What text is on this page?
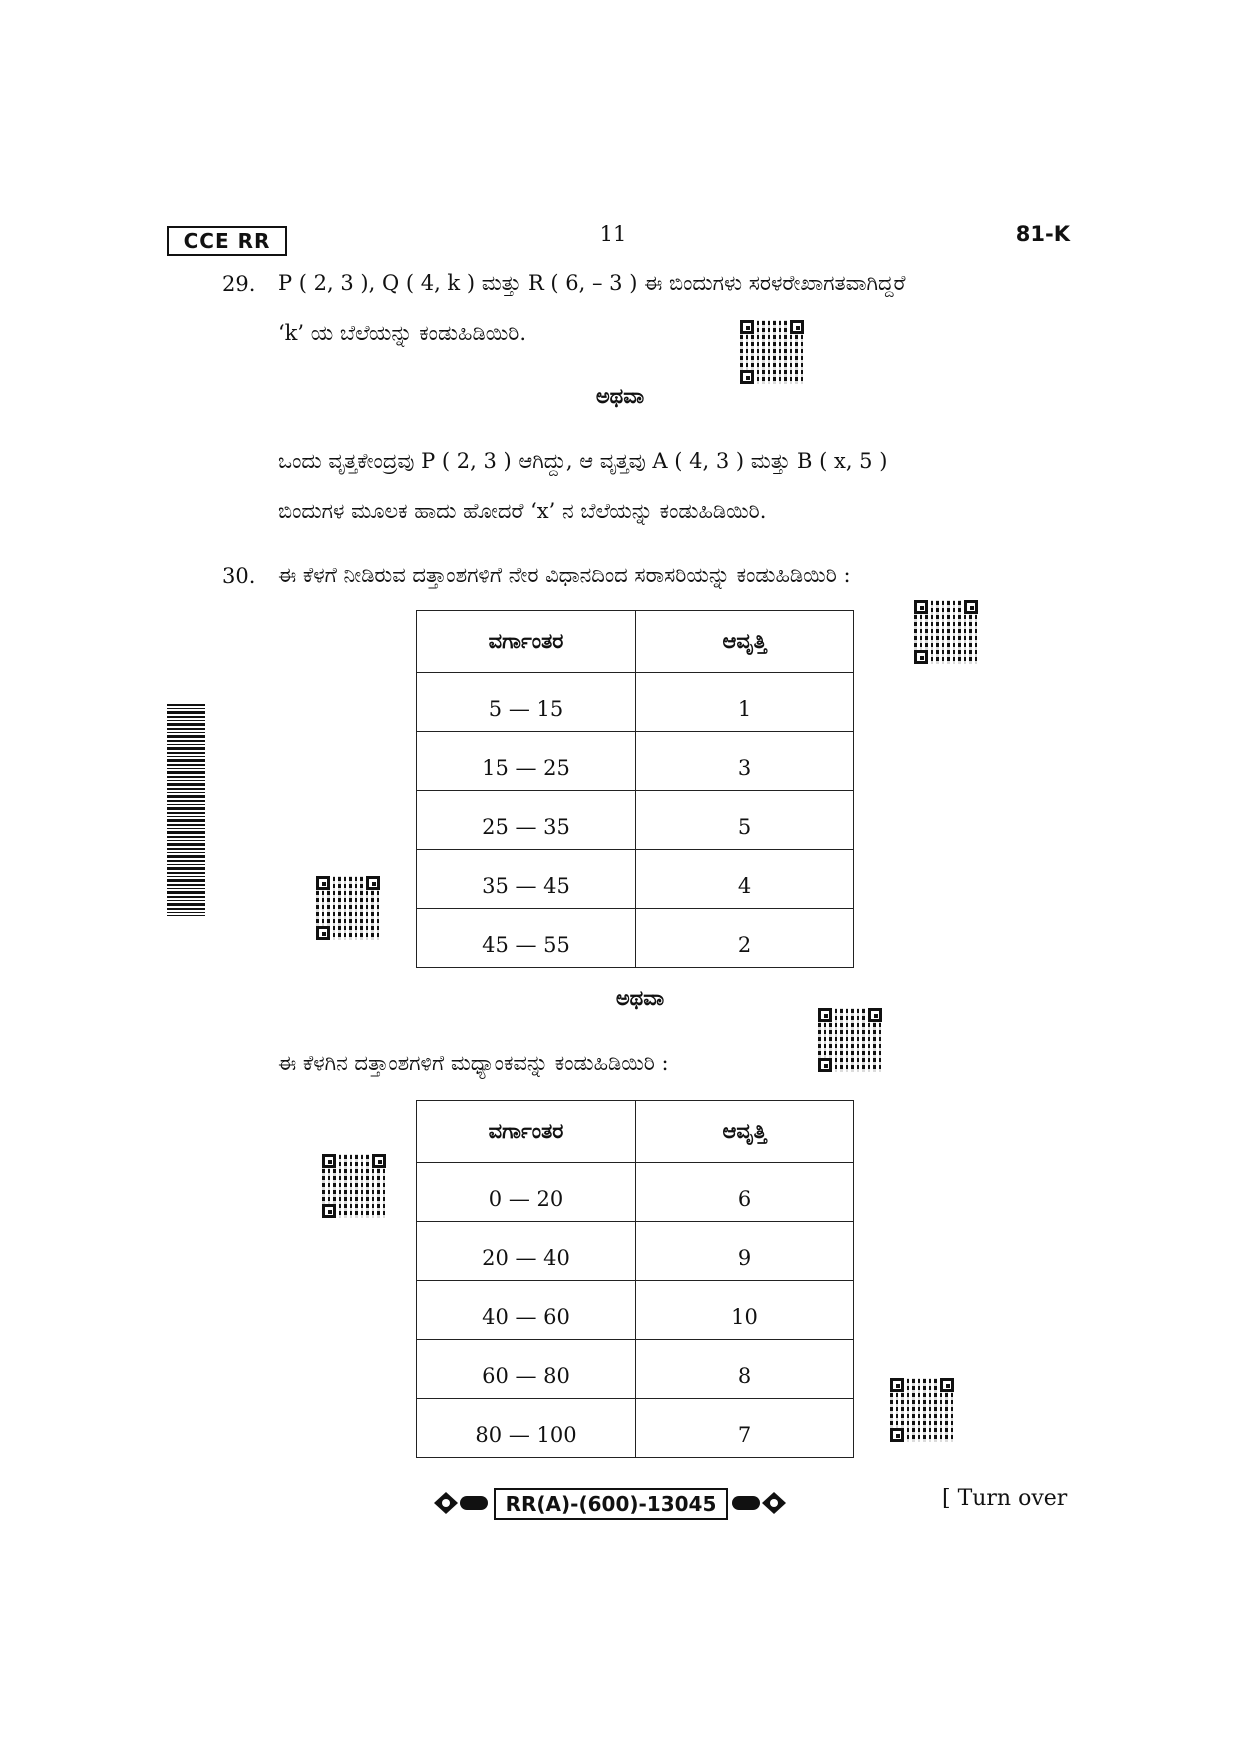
CCE RR	11	81-K
29. P ( 2, 3 ), Q ( 4, k ) ಮತ್ತು R ( 6, – 3 ) ಈ ಬಿಂದುಗಳು ಸರಳರೇಖಾಗತವಾಗಿದ್ದರೆ
‘k’ ಯ ಬೆಲೆಯನ್ನು ಕಂಡುಹಿಡಿಯಿರಿ.
ಅಥವಾ
ಒಂದು ವೃತ್ತಕೇಂದ್ರವು P ( 2, 3 ) ಆಗಿದ್ದು, ಆ ವೃತ್ತವು A ( 4, 3 ) ಮತ್ತು B ( x, 5 )
ಬಿಂದುಗಳ ಮೂಲಕ ಹಾದು ಹೋದರೆ ‘x’ ನ ಬೆಲೆಯನ್ನು ಕಂಡುಹಿಡಿಯಿರಿ.
30. ಈ ಕೆಳಗೆ ನೀಡಿರುವ ದತ್ತಾಂಶಗಳಿಗೆ ನೇರ ವಿಧಾನದಿಂದ ಸರಾಸರಿಯನ್ನು ಕಂಡುಹಿಡಿಯಿರಿ :
ವರ್ಗಾಂತರ	ಆವೃತ್ತಿ
5 — 15	1
15 — 25	3
25 — 35	5
35 — 45	4
45 — 55	2
ಅಥವಾ
ಈ ಕೆಳಗಿನ ದತ್ತಾಂಶಗಳಿಗೆ ಮಧ್ಯಾಂಕವನ್ನು ಕಂಡುಹಿಡಿಯಿರಿ :
ವರ್ಗಾಂತರ	ಆವೃತ್ತಿ
0 — 20	6
20 — 40	9
40 — 60	10
60 — 80	8
80 — 100	7
RR(A)-(600)-13045	[ Turn over
